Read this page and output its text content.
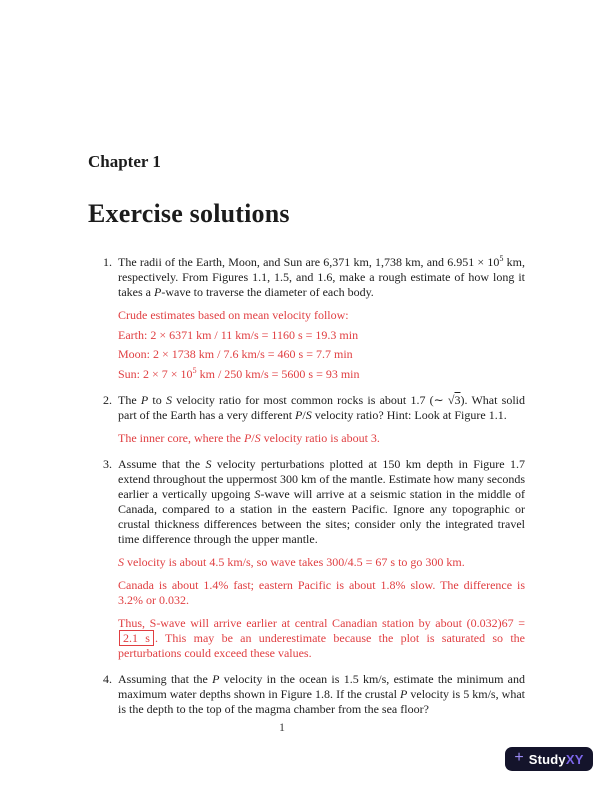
Chapter 1
Exercise solutions

1. The radii of the Earth, Moon, and Sun are 6,371 km, 1,738 km, and $6.951 \times 10^5$ km, respectively. From Figures 1.1, 1.5, and 1.6, make a rough estimate of how long it takes a P-wave to traverse the diameter of each body.

Crude estimates based on mean velocity follow:

Earth: 2 × 6371 km / 11 km/s = 1160 s = 19.3 min

Moon: 2 × 1738 km / 7.6 km/s = 460 s = 7.7 min

Sun: $2 \times 7 \times 10^5$ km / 250 km/s = 5600 s = 93 min

2. The P to S velocity ratio for most common rocks is about 1.7 (∼ √3). What solid part of the Earth has a very different P/S velocity ratio? Hint: Look at Figure 1.1.

The inner core, where the P/S velocity ratio is about 3.

3. Assume that the S velocity perturbations plotted at 150 km depth in Figure 1.7 extend throughout the uppermost 300 km of the mantle. Estimate how many seconds earlier a vertically upgoing S-wave will arrive at a seismic station in the middle of Canada, compared to a station in the eastern Pacific. Ignore any topographic or crustal thickness differences between the sites; consider only the integrated travel time difference through the upper mantle.

S velocity is about 4.5 km/s, so wave takes 300/4.5 = 67 s to go 300 km.

Canada is about 1.4% fast; eastern Pacific is about 1.8% slow. The difference is 3.2% or 0.032.

Thus, S-wave will arrive earlier at central Canadian station by about (0.032)67 = 2.1 s . This may be an underestimate because the plot is saturated so the perturbations could exceed these values.

4. Assuming that the P velocity in the ocean is 1.5 km/s, estimate the minimum and maximum water depths shown in Figure 1.8. If the crustal P velocity is 5 km/s, what is the depth to the top of the magma chamber from the sea floor?

1
+ StudyXY
